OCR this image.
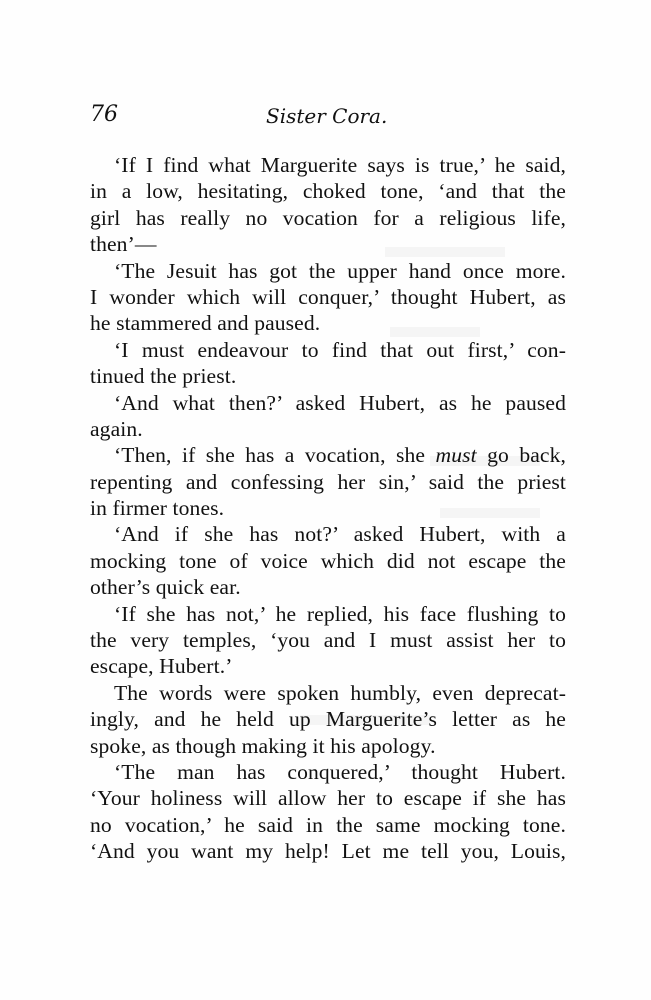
76	Sister Cora.
‘If I find what Marguerite says is true,’ he said,
in a low, hesitating, choked tone, ‘and that the
girl has really no vocation for a religious life,
then’—
‘The Jesuit has got the upper hand once more.
I wonder which will conquer,’ thought Hubert, as
he stammered and paused.
‘I must endeavour to find that out first,’ con-
tinued the priest.
‘And what then?’ asked Hubert, as he paused
again.
‘Then, if she has a vocation, she must go back,
repenting and confessing her sin,’ said the priest
in firmer tones.
‘And if she has not?’ asked Hubert, with a
mocking tone of voice which did not escape the
other’s quick ear.
‘If she has not,’ he replied, his face flushing to
the very temples, ‘you and I must assist her to
escape, Hubert.’
The words were spoken humbly, even deprecat-
ingly, and he held up Marguerite’s letter as he
spoke, as though making it his apology.
‘The man has conquered,’ thought Hubert.
‘Your holiness will allow her to escape if she has
no vocation,’ he said in the same mocking tone.
‘And you want my help! Let me tell you, Louis,
